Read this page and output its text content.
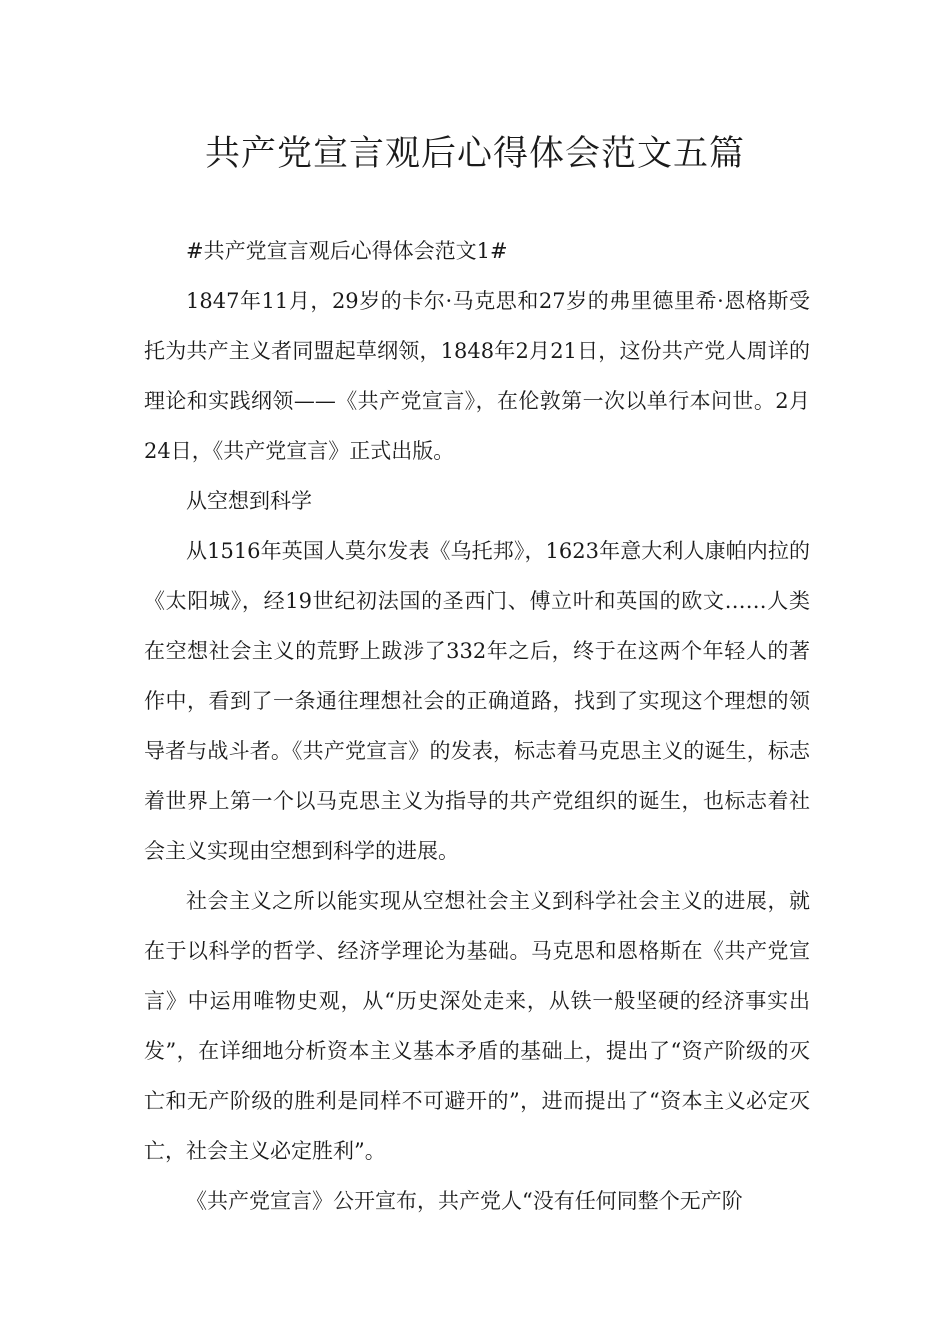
共产党宣言观后心得体会范文五篇

#共产党宣言观后心得体会范文1#

1847年11月，29岁的卡尔·马克思和27岁的弗里德里希·恩格斯受托为共产主义者同盟起草纲领，1848年2月21日，这份共产党人周详的理论和实践纲领——《共产党宣言》，在伦敦第一次以单行本问世。2月24日，《共产党宣言》正式出版。

从空想到科学

从1516年英国人莫尔发表《乌托邦》，1623年意大利人康帕内拉的《太阳城》，经19世纪初法国的圣西门、傅立叶和英国的欧文……人类在空想社会主义的荒野上跋涉了332年之后，终于在这两个年轻人的著作中，看到了一条通往理想社会的正确道路，找到了实现这个理想的领导者与战斗者。《共产党宣言》的发表，标志着马克思主义的诞生，标志着世界上第一个以马克思主义为指导的共产党组织的诞生，也标志着社会主义实现由空想到科学的进展。

社会主义之所以能实现从空想社会主义到科学社会主义的进展，就在于以科学的哲学、经济学理论为基础。马克思和恩格斯在《共产党宣言》中运用唯物史观，从“历史深处走来，从铁一般坚硬的经济事实出发”，在详细地分析资本主义基本矛盾的基础上，提出了“资产阶级的灭亡和无产阶级的胜利是同样不可避开的”，进而提出了“资本主义必定灭亡，社会主义必定胜利”。

《共产党宣言》公开宣布，共产党人“没有任何同整个无产阶
